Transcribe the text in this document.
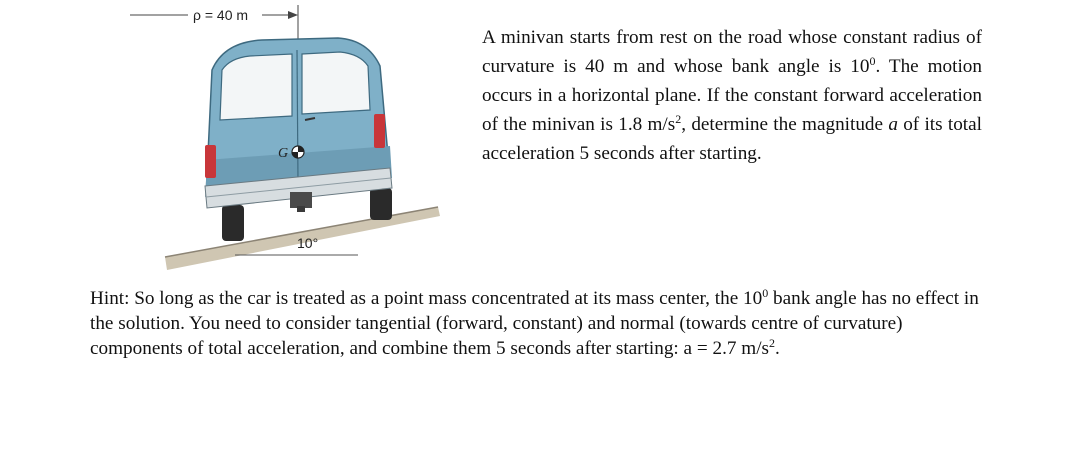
ρ = 40 m
G
10°

A minivan starts from rest on the road whose constant radius of curvature is 40 m and whose bank angle is $10^0$. The motion occurs in a horizontal plane. If the constant forward acceleration of the minivan is 1.8 $m/s^2$, determine the magnitude a of its total acceleration 5 seconds after starting.

Hint: So long as the car is treated as a point mass concentrated at its mass center, the $10^0$ bank angle has no effect in the solution. You need to consider tangential (forward, constant) and normal (towards centre of curvature) components of total acceleration, and combine them 5 seconds after starting: a = 2.7 $m/s^2$.
